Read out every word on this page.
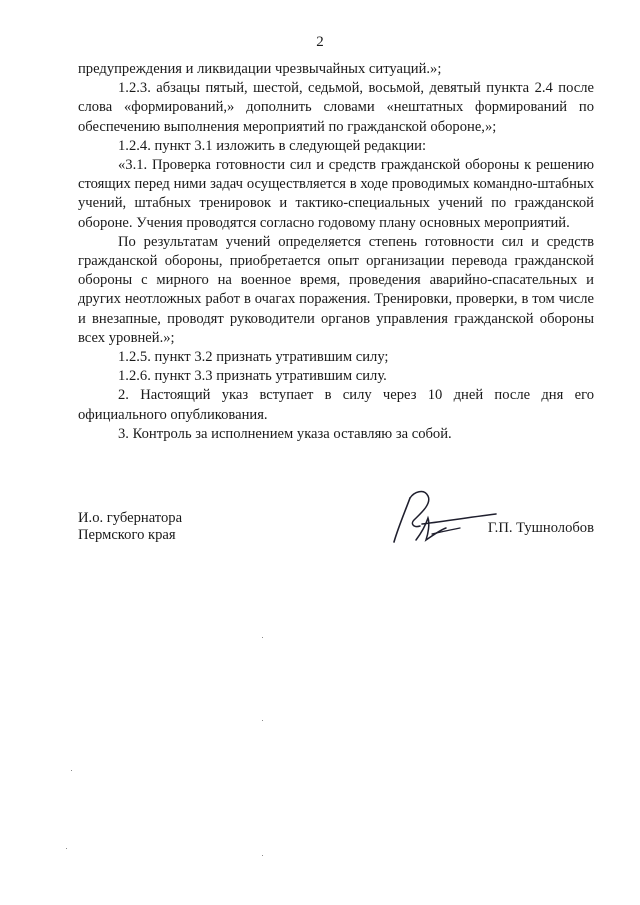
2

предупреждения и ликвидации чрезвычайных ситуаций.»;

1.2.3. абзацы пятый, шестой, седьмой, восьмой, девятый пункта 2.4 после слова «формирований,» дополнить словами «нештатных формирований по обеспечению выполнения мероприятий по гражданской обороне,»;

1.2.4. пункт 3.1 изложить в следующей редакции:

«3.1. Проверка готовности сил и средств гражданской обороны к решению стоящих перед ними задач осуществляется в ходе проводимых командно-штабных учений, штабных тренировок и тактико-специальных учений по гражданской обороне. Учения проводятся согласно годовому плану основных мероприятий.

По результатам учений определяется степень готовности сил и средств гражданской обороны, приобретается опыт организации перевода гражданской обороны с мирного на военное время, проведения аварийно-спасательных и других неотложных работ в очагах поражения. Тренировки, проверки, в том числе и внезапные, проводят руководители органов управления гражданской обороны всех уровней.»;

1.2.5. пункт 3.2 признать утратившим силу;

1.2.6. пункт 3.3 признать утратившим силу.

2. Настоящий указ вступает в силу через 10 дней после дня его официального опубликования.

3. Контроль за исполнением указа оставляю за собой.

И.о. губернатора
Пермского края	Г.П. Тушнолобов
